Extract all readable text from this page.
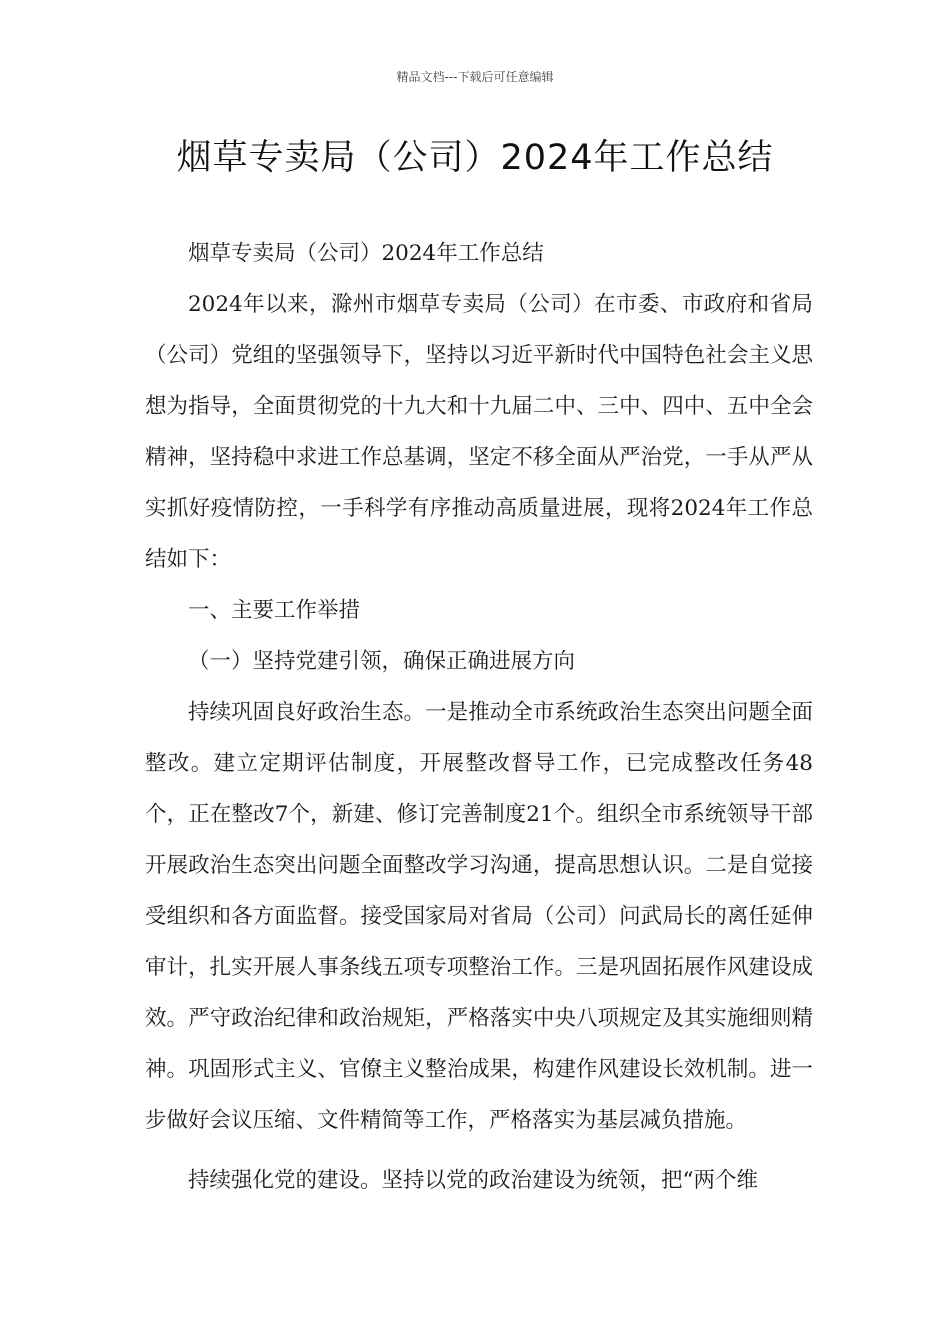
精品文档---下载后可任意编辑
烟草专卖局（公司）2024年工作总结

烟草专卖局（公司）2024年工作总结

2024年以来，滁州市烟草专卖局（公司）在市委、市政府和省局（公司）党组的坚强领导下，坚持以习近平新时代中国特色社会主义思想为指导，全面贯彻党的十九大和十九届二中、三中、四中、五中全会精神，坚持稳中求进工作总基调，坚定不移全面从严治党，一手从严从实抓好疫情防控，一手科学有序推动高质量进展，现将2024年工作总结如下：

一、主要工作举措

（一）坚持党建引领，确保正确进展方向

持续巩固良好政治生态。一是推动全市系统政治生态突出问题全面整改。建立定期评估制度，开展整改督导工作，已完成整改任务48个，正在整改7个，新建、修订完善制度21个。组织全市系统领导干部开展政治生态突出问题全面整改学习沟通，提高思想认识。二是自觉接受组织和各方面监督。接受国家局对省局（公司）问武局长的离任延伸审计，扎实开展人事条线五项专项整治工作。三是巩固拓展作风建设成效。严守政治纪律和政治规矩，严格落实中央八项规定及其实施细则精神。巩固形式主义、官僚主义整治成果，构建作风建设长效机制。进一步做好会议压缩、文件精简等工作，严格落实为基层减负措施。

持续强化党的建设。坚持以党的政治建设为统领，把“两个维
